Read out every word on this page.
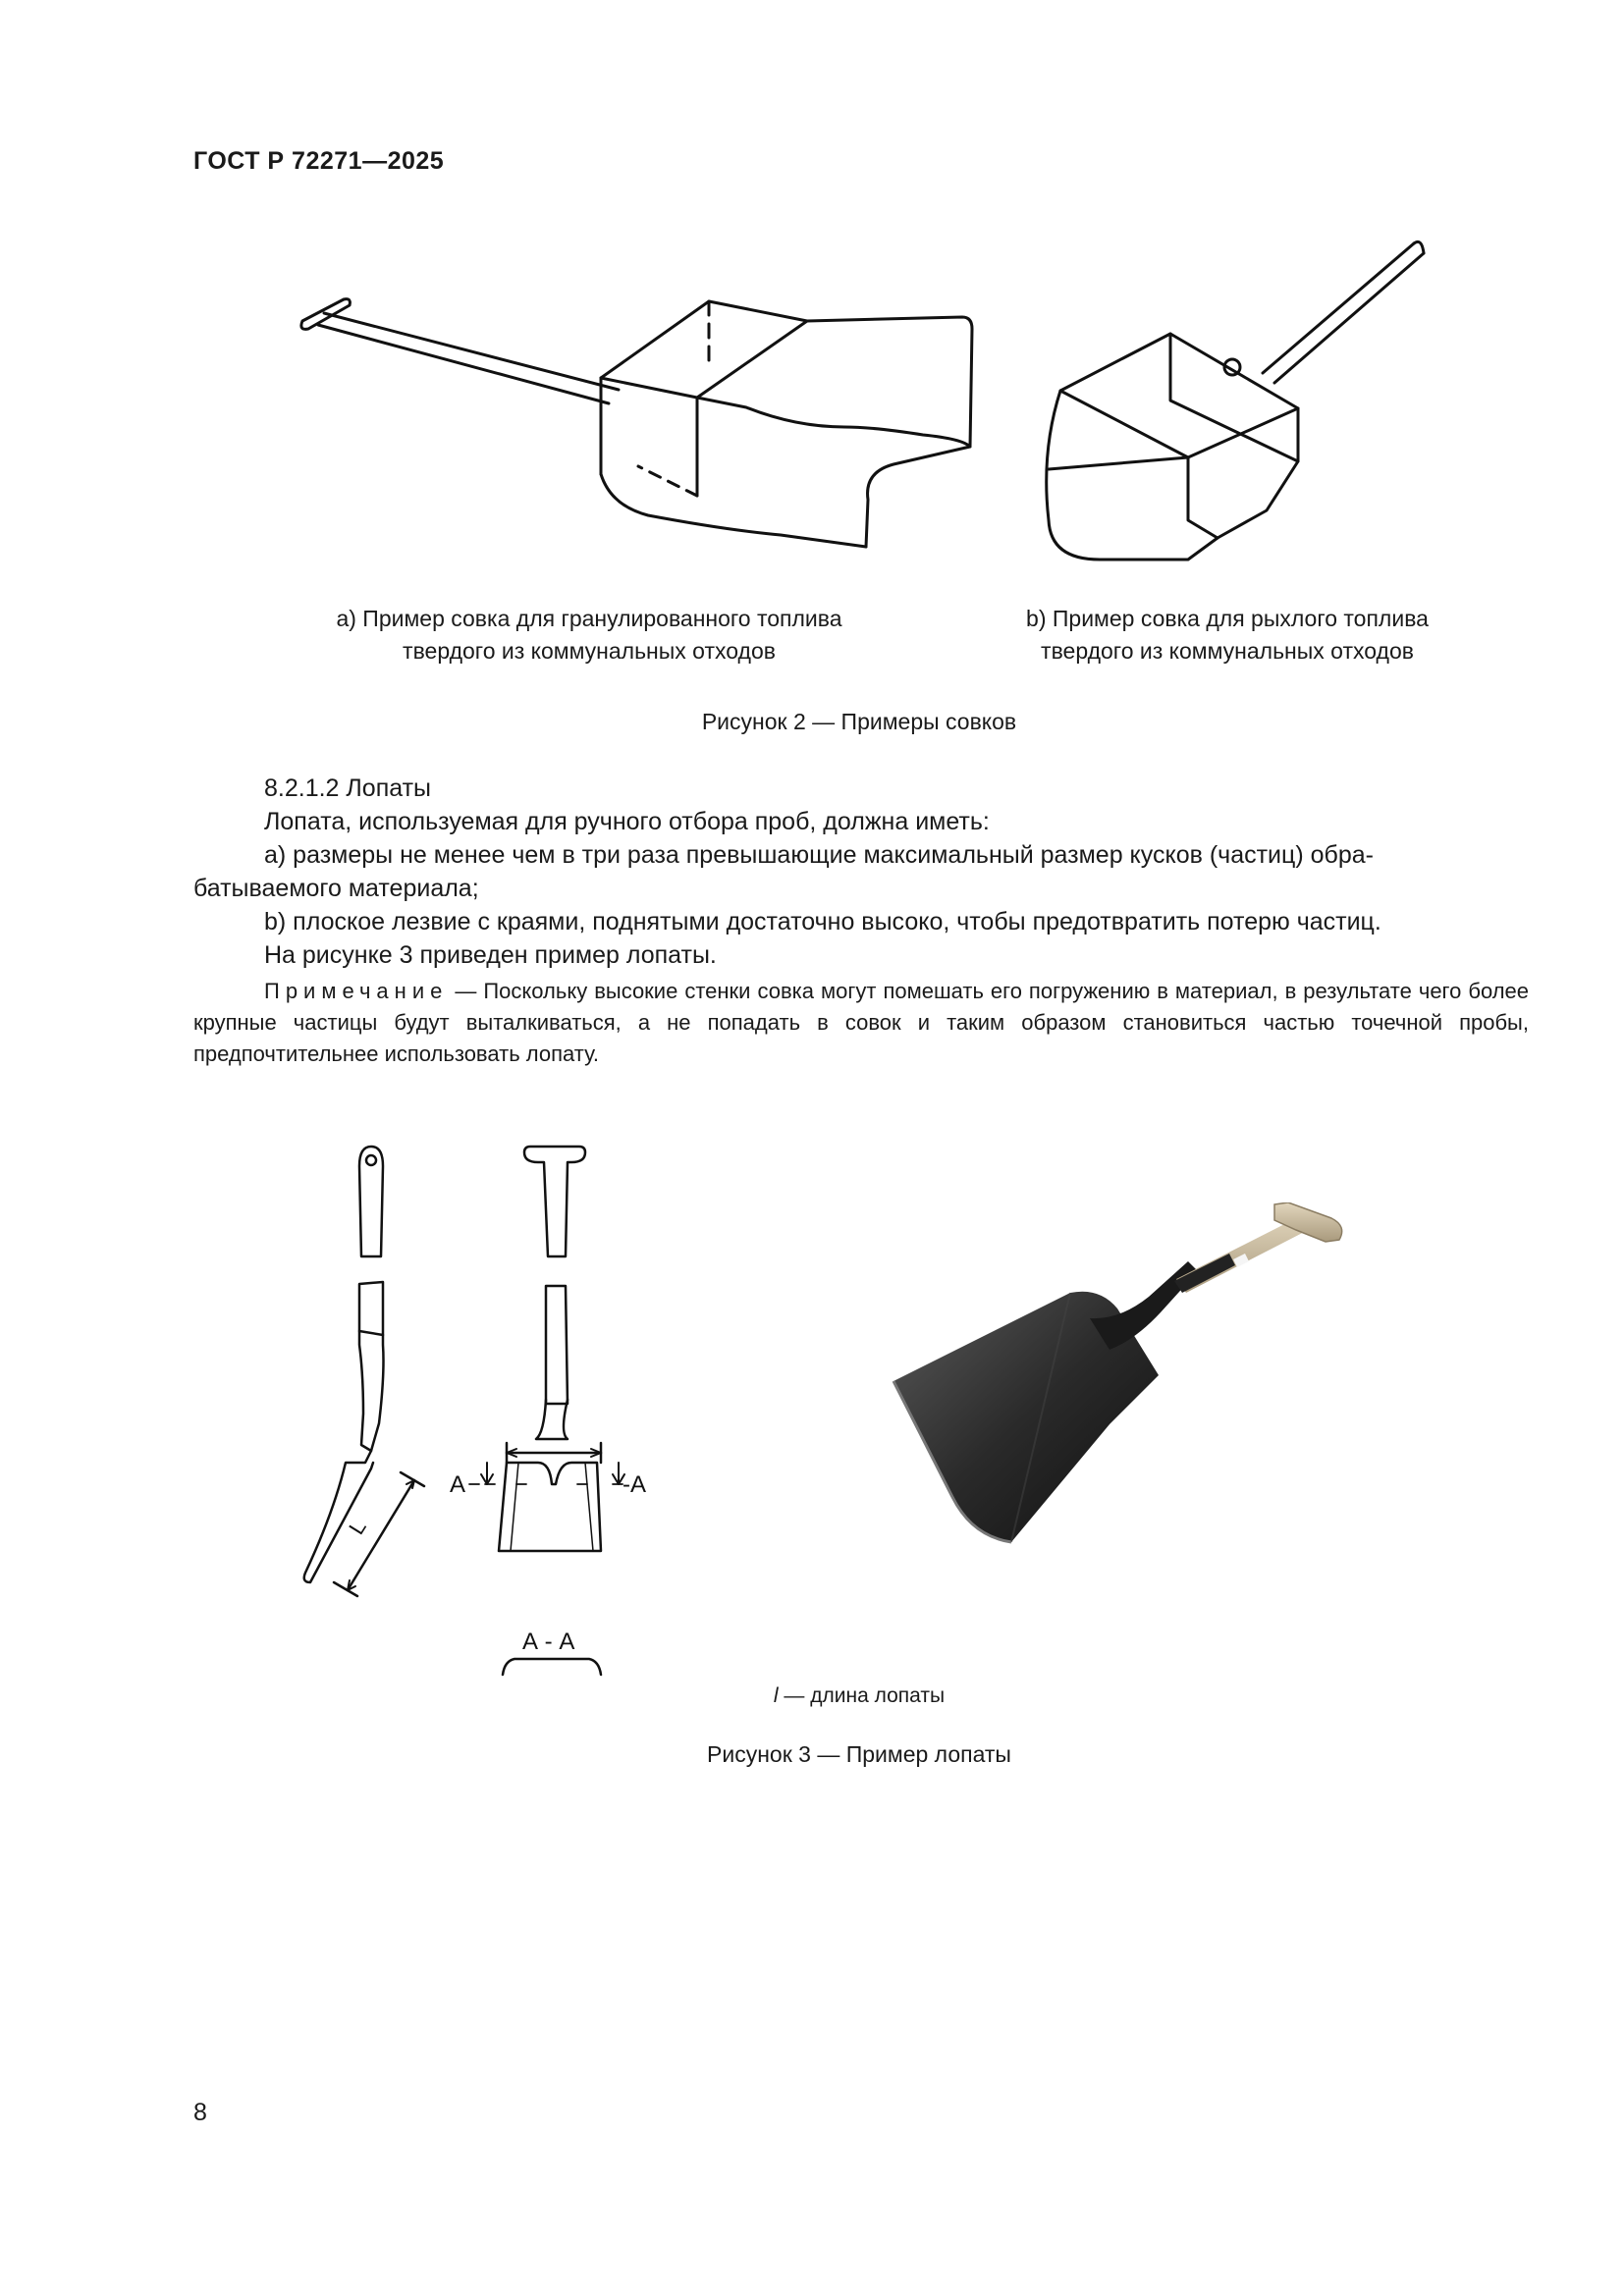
ГОСТ Р 72271—2025
а) Пример совка для гранулированного топлива
твердого из коммунальных отходов
b) Пример совка для рыхлого топлива
твердого из коммунальных отходов
Рисунок 2 — Примеры совков

8.2.1.2 Лопаты

Лопата, используемая для ручного отбора проб, должна иметь:

а) размеры не менее чем в три раза превышающие максимальный размер кусков (частиц) обра-

батываемого материала;

b) плоское лезвие с краями, поднятыми достаточно высоко, чтобы предотвратить потерю частиц.

На рисунке 3 приведен пример лопаты.

Примечание — Поскольку высокие стенки совка могут помешать его погружению в материал, в результате чего более крупные частицы будут выталкиваться, а не попадать в совок и таким образом становиться частью точечной пробы, предпочтительнее использовать лопату.
L
А	-А
А - А
l — длина лопаты
Рисунок 3 — Пример лопаты
8
